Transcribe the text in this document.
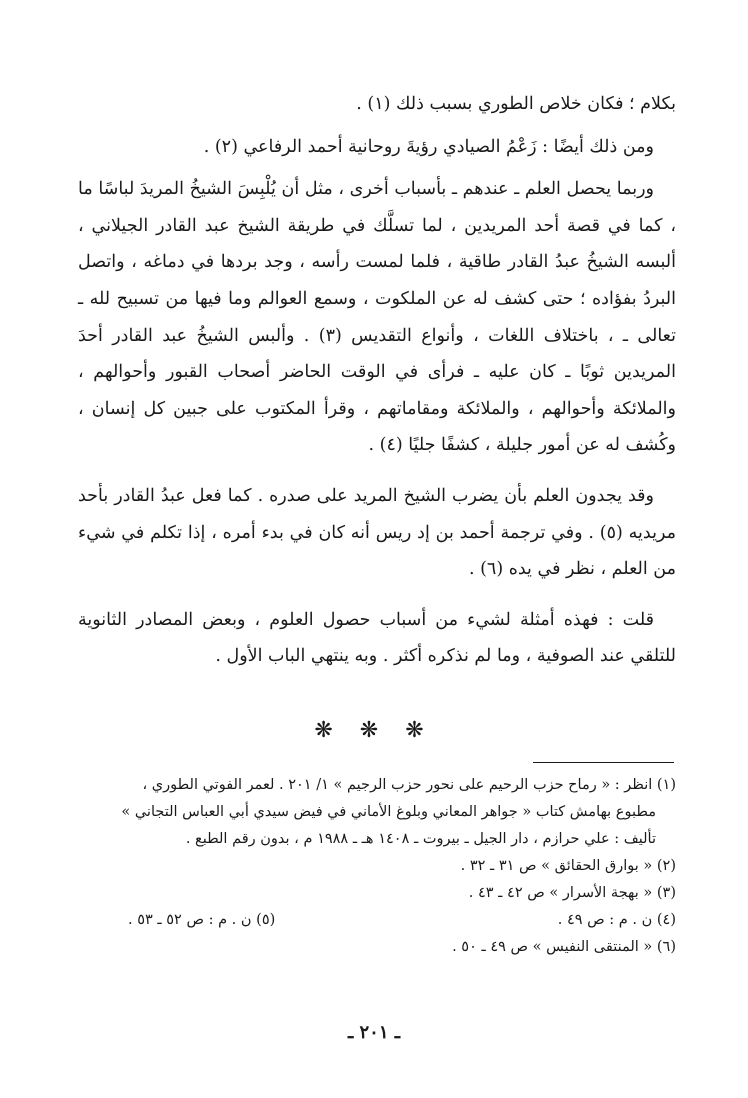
بكلام ؛ فكان خلاص الطوري بسبب ذلك (١) .

ومن ذلك أيضًا : زَعْمُ الصيادي رؤيةَ روحانية أحمد الرفاعي (٢) .

وربما يحصل العلم ـ عندهم ـ بأسباب أخرى ، مثل أن يُلْبِسَ الشيخُ المريدَ لباسًا ما ، كما في قصة أحد المريدين ، لما تسلَّك في طريقة الشيخ عبد القادر الجيلاني ، ألبسه الشيخُ عبدُ القادر طاقية ، فلما لمست رأسه ، وجد بردها في دماغه ، واتصل البردُ بفؤاده ؛ حتى كشف له عن الملكوت ، وسمع العوالم وما فيها من تسبيح لله ـ تعالى ـ ، باختلاف اللغات ، وأنواع التقديس (٣) . وألبس الشيخُ عبد القادر أحدَ المريدين ثوبًا ـ كان عليه ـ فرأى في الوقت الحاضر أصحاب القبور وأحوالهم ، والملائكة وأحوالهم ، والملائكة ومقاماتهم ، وقرأ المكتوب على جبين كل إنسان ، وكُشف له عن أمور جليلة ، كشفًا جليًا (٤) .

وقد يجدون العلم بأن يضرب الشيخ المريد على صدره . كما فعل عبدُ القادر بأحد مريديه (٥) . وفي ترجمة أحمد بن إد ريس أنه كان في بدء أمره ، إذا تكلم في شيء من العلم ، نظر في يده (٦) .

قلت : فهذه أمثلة لشيء من أسباب حصول العلوم ، وبعض المصادر الثانوية للتلقي عند الصوفية ، وما لم نذكره أكثر . وبه ينتهي الباب الأول .

❋ ❋ ❋

(١) انظر : « رماح حزب الرحيم على نحور حزب الرجيم » ١/ ٢٠١ . لعمر الفوتي الطوري ،

مطبوع بهامش كتاب « جواهر المعاني وبلوغ الأماني في فيض سيدي أبي العباس التجاني »

تأليف : علي حرازم ، دار الجيل ـ بيروت ـ ١٤٠٨ هـ ـ ١٩٨٨ م ، بدون رقم الطبع .

(٢) « بوارق الحقائق » ص ٣١ ـ ٣٢ .

(٣) « بهجة الأسرار » ص ٤٢ ـ ٤٣ .

(٤) ن . م : ص ٤٩ .
(٥) ن . م : ص ٥٢ ـ ٥٣ .

(٦) « المنتقى النفيس » ص ٤٩ ـ ٥٠ .

ـ ٢٠١ ـ
